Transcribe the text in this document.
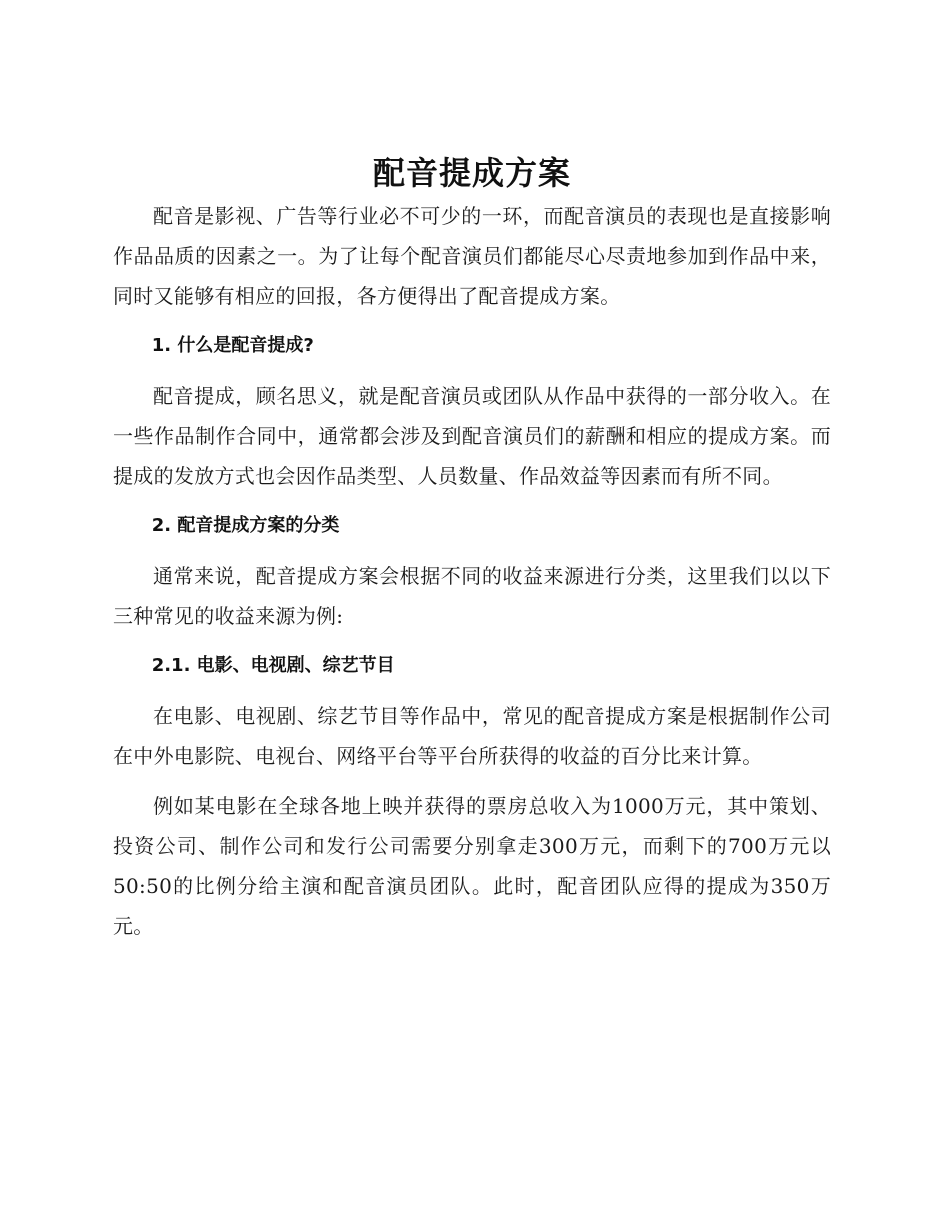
配音提成方案

配音是影视、广告等行业必不可少的一环，而配音演员的表现也是直接影响作品品质的因素之一。为了让每个配音演员们都能尽心尽责地参加到作品中来，同时又能够有相应的回报，各方便得出了配音提成方案。

1. 什么是配音提成?

配音提成，顾名思义，就是配音演员或团队从作品中获得的一部分收入。在一些作品制作合同中，通常都会涉及到配音演员们的薪酬和相应的提成方案。而提成的发放方式也会因作品类型、人员数量、作品效益等因素而有所不同。

2. 配音提成方案的分类

通常来说，配音提成方案会根据不同的收益来源进行分类，这里我们以以下三种常见的收益来源为例:

2.1. 电影、电视剧、综艺节目

在电影、电视剧、综艺节目等作品中，常见的配音提成方案是根据制作公司在中外电影院、电视台、网络平台等平台所获得的收益的百分比来计算。

例如某电影在全球各地上映并获得的票房总收入为1000万元，其中策划、投资公司、制作公司和发行公司需要分别拿走300万元，而剩下的700万元以50:50的比例分给主演和配音演员团队。此时，配音团队应得的提成为350万元。
